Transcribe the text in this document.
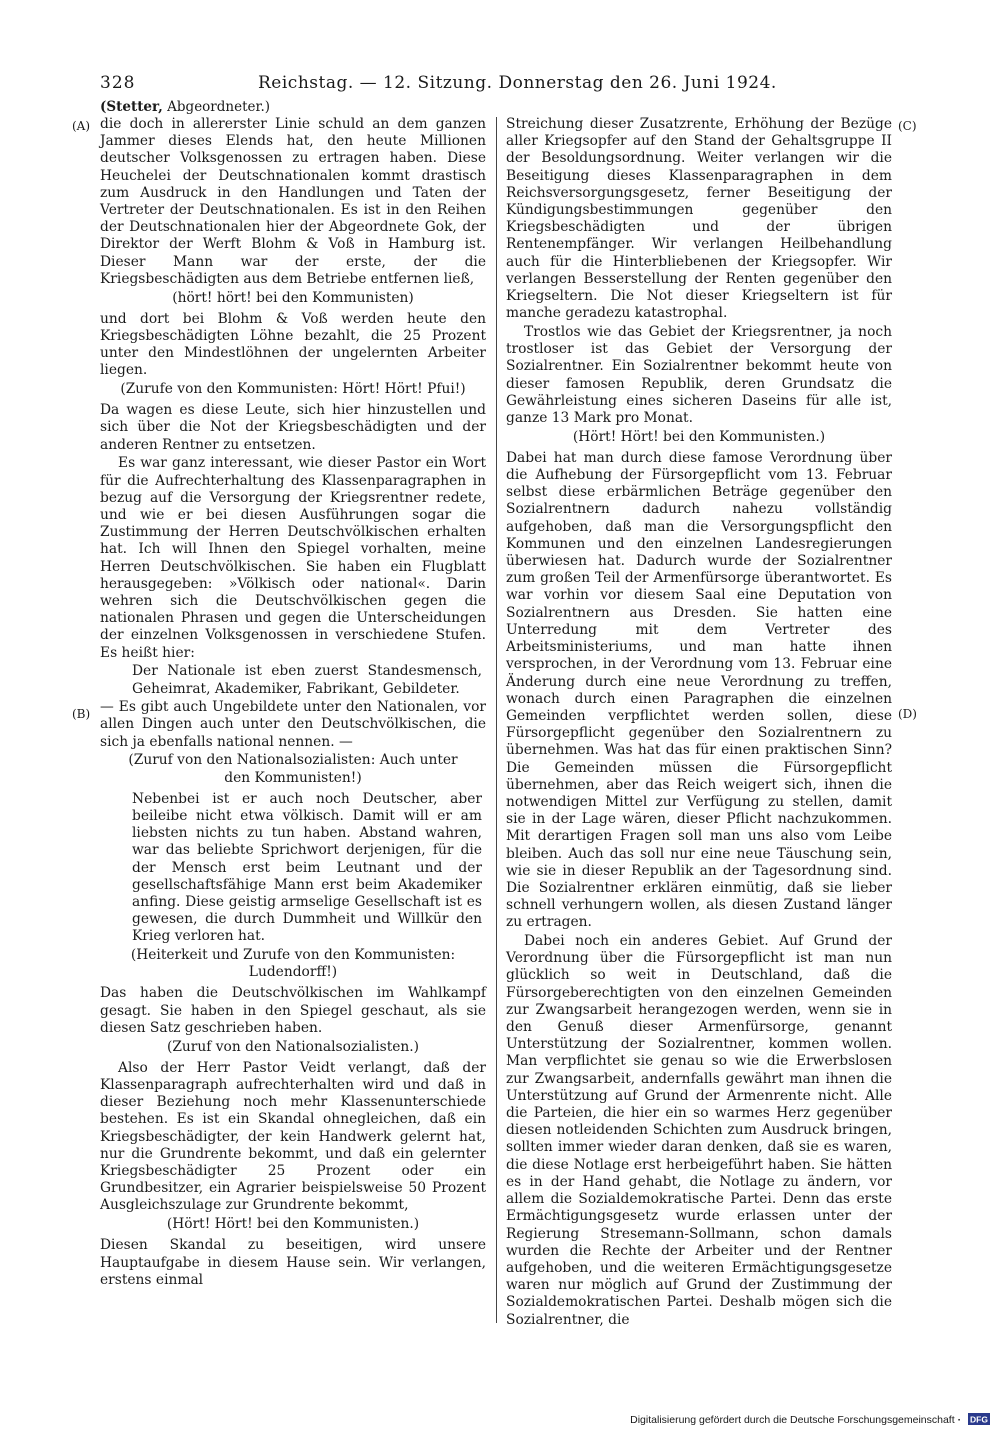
328	Reichstag. — 12. Sitzung. Donnerstag den 26. Juni 1924.
(Stetter, Abgeordneter.)
(A)
(B)
(C)
(D)

die doch in allererster Linie schuld an dem ganzen Jammer dieses Elends hat, den heute Millionen deutscher Volksgenossen zu ertragen haben. Diese Heuchelei der Deutschnationalen kommt drastisch zum Ausdruck in den Handlungen und Taten der Vertreter der Deutschnationalen. Es ist in den Reihen der Deutschnationalen hier der Abgeordnete Gok, der Direktor der Werft Blohm & Voß in Hamburg ist. Dieser Mann war der erste, der die Kriegsbeschädigten aus dem Betriebe entfernen ließ,

(hört! hört! bei den Kommunisten)

und dort bei Blohm & Voß werden heute den Kriegsbeschädigten Löhne bezahlt, die 25 Prozent unter den Mindestlöhnen der ungelernten Arbeiter liegen.

(Zurufe von den Kommunisten: Hört! Hört! Pfui!)

Da wagen es diese Leute, sich hier hinzustellen und sich über die Not der Kriegsbeschädigten und der anderen Rentner zu entsetzen.

Es war ganz interessant, wie dieser Pastor ein Wort für die Aufrechterhaltung des Klassenparagraphen in bezug auf die Versorgung der Kriegsrentner redete, und wie er bei diesen Ausführungen sogar die Zustimmung der Herren Deutschvölkischen erhalten hat. Ich will Ihnen den Spiegel vorhalten, meine Herren Deutschvölkischen. Sie haben ein Flugblatt herausgegeben: »Völkisch oder national«. Darin wehren sich die Deutschvölkischen gegen die nationalen Phrasen und gegen die Unterscheidungen der einzelnen Volksgenossen in verschiedene Stufen. Es heißt hier:

Der Nationale ist eben zuerst Standesmensch, Geheimrat, Akademiker, Fabrikant, Gebildeter.

— Es gibt auch Ungebildete unter den Nationalen, vor allen Dingen auch unter den Deutschvölkischen, die sich ja ebenfalls national nennen. —

(Zuruf von den Nationalsozialisten: Auch unter den Kommunisten!)

Nebenbei ist er auch noch Deutscher, aber beileibe nicht etwa völkisch. Damit will er am liebsten nichts zu tun haben. Abstand wahren, war das beliebte Sprichwort derjenigen, für die der Mensch erst beim Leutnant und der gesellschaftsfähige Mann erst beim Akademiker anfing. Diese geistig armselige Gesellschaft ist es gewesen, die durch Dummheit und Willkür den Krieg verloren hat.

(Heiterkeit und Zurufe von den Kommunisten: Ludendorff!)

Das haben die Deutschvölkischen im Wahlkampf gesagt. Sie haben in den Spiegel geschaut, als sie diesen Satz geschrieben haben.

(Zuruf von den Nationalsozialisten.)

Also der Herr Pastor Veidt verlangt, daß der Klassenparagraph aufrechterhalten wird und daß in dieser Beziehung noch mehr Klassenunterschiede bestehen. Es ist ein Skandal ohnegleichen, daß ein Kriegsbeschädigter, der kein Handwerk gelernt hat, nur die Grundrente bekommt, und daß ein gelernter Kriegsbeschädigter 25 Prozent oder ein Grundbesitzer, ein Agrarier beispielsweise 50 Prozent Ausgleichszulage zur Grundrente bekommt,

(Hört! Hört! bei den Kommunisten.)

Diesen Skandal zu beseitigen, wird unsere Hauptaufgabe in diesem Hause sein. Wir verlangen, erstens einmal

Streichung dieser Zusatzrente, Erhöhung der Bezüge aller Kriegsopfer auf den Stand der Gehaltsgruppe II der Besoldungsordnung. Weiter verlangen wir die Beseitigung dieses Klassenparagraphen in dem Reichsversorgungsgesetz, ferner Beseitigung der Kündigungsbestimmungen gegenüber den Kriegsbeschädigten und der übrigen Rentenempfänger. Wir verlangen Heilbehandlung auch für die Hinterbliebenen der Kriegsopfer. Wir verlangen Besserstellung der Renten gegenüber den Kriegseltern. Die Not dieser Kriegseltern ist für manche geradezu katastrophal.

Trostlos wie das Gebiet der Kriegsrentner, ja noch trostloser ist das Gebiet der Versorgung der Sozialrentner. Ein Sozialrentner bekommt heute von dieser famosen Republik, deren Grundsatz die Gewährleistung eines sicheren Daseins für alle ist, ganze 13 Mark pro Monat.

(Hört! Hört! bei den Kommunisten.)

Dabei hat man durch diese famose Verordnung über die Aufhebung der Fürsorgepflicht vom 13. Februar selbst diese erbärmlichen Beträge gegenüber den Sozialrentnern dadurch nahezu vollständig aufgehoben, daß man die Versorgungspflicht den Kommunen und den einzelnen Landesregierungen überwiesen hat. Dadurch wurde der Sozialrentner zum großen Teil der Armenfürsorge überantwortet. Es war vorhin vor diesem Saal eine Deputation von Sozialrentnern aus Dresden. Sie hatten eine Unterredung mit dem Vertreter des Arbeitsministeriums, und man hatte ihnen versprochen, in der Verordnung vom 13. Februar eine Änderung durch eine neue Verordnung zu treffen, wonach durch einen Paragraphen die einzelnen Gemeinden verpflichtet werden sollen, diese Fürsorgepflicht gegenüber den Sozialrentnern zu übernehmen. Was hat das für einen praktischen Sinn? Die Gemeinden müssen die Fürsorgepflicht übernehmen, aber das Reich weigert sich, ihnen die notwendigen Mittel zur Verfügung zu stellen, damit sie in der Lage wären, dieser Pflicht nachzukommen. Mit derartigen Fragen soll man uns also vom Leibe bleiben. Auch das soll nur eine neue Täuschung sein, wie sie in dieser Republik an der Tagesordnung sind. Die Sozialrentner erklären einmütig, daß sie lieber schnell verhungern wollen, als diesen Zustand länger zu ertragen.

Dabei noch ein anderes Gebiet. Auf Grund der Verordnung über die Fürsorgepflicht ist man nun glücklich so weit in Deutschland, daß die Fürsorgeberechtigten von den einzelnen Gemeinden zur Zwangsarbeit herangezogen werden, wenn sie in den Genuß dieser Armenfürsorge, genannt Unterstützung der Sozialrentner, kommen wollen. Man verpflichtet sie genau so wie die Erwerbslosen zur Zwangsarbeit, andernfalls gewährt man ihnen die Unterstützung auf Grund der Armenrente nicht. Alle die Parteien, die hier ein so warmes Herz gegenüber diesen notleidenden Schichten zum Ausdruck bringen, sollten immer wieder daran denken, daß sie es waren, die diese Notlage erst herbeigeführt haben. Sie hätten es in der Hand gehabt, die Notlage zu ändern, vor allem die Sozialdemokratische Partei. Denn das erste Ermächtigungsgesetz wurde erlassen unter der Regierung Stresemann-Sollmann, schon damals wurden die Rechte der Arbeiter und der Rentner aufgehoben, und die weiteren Ermächtigungsgesetze waren nur möglich auf Grund der Zustimmung der Sozialdemokratischen Partei. Deshalb mögen sich die Sozialrentner, die

Digitalisierung gefördert durch die Deutsche Forschungsgemeinschaft · DFG
